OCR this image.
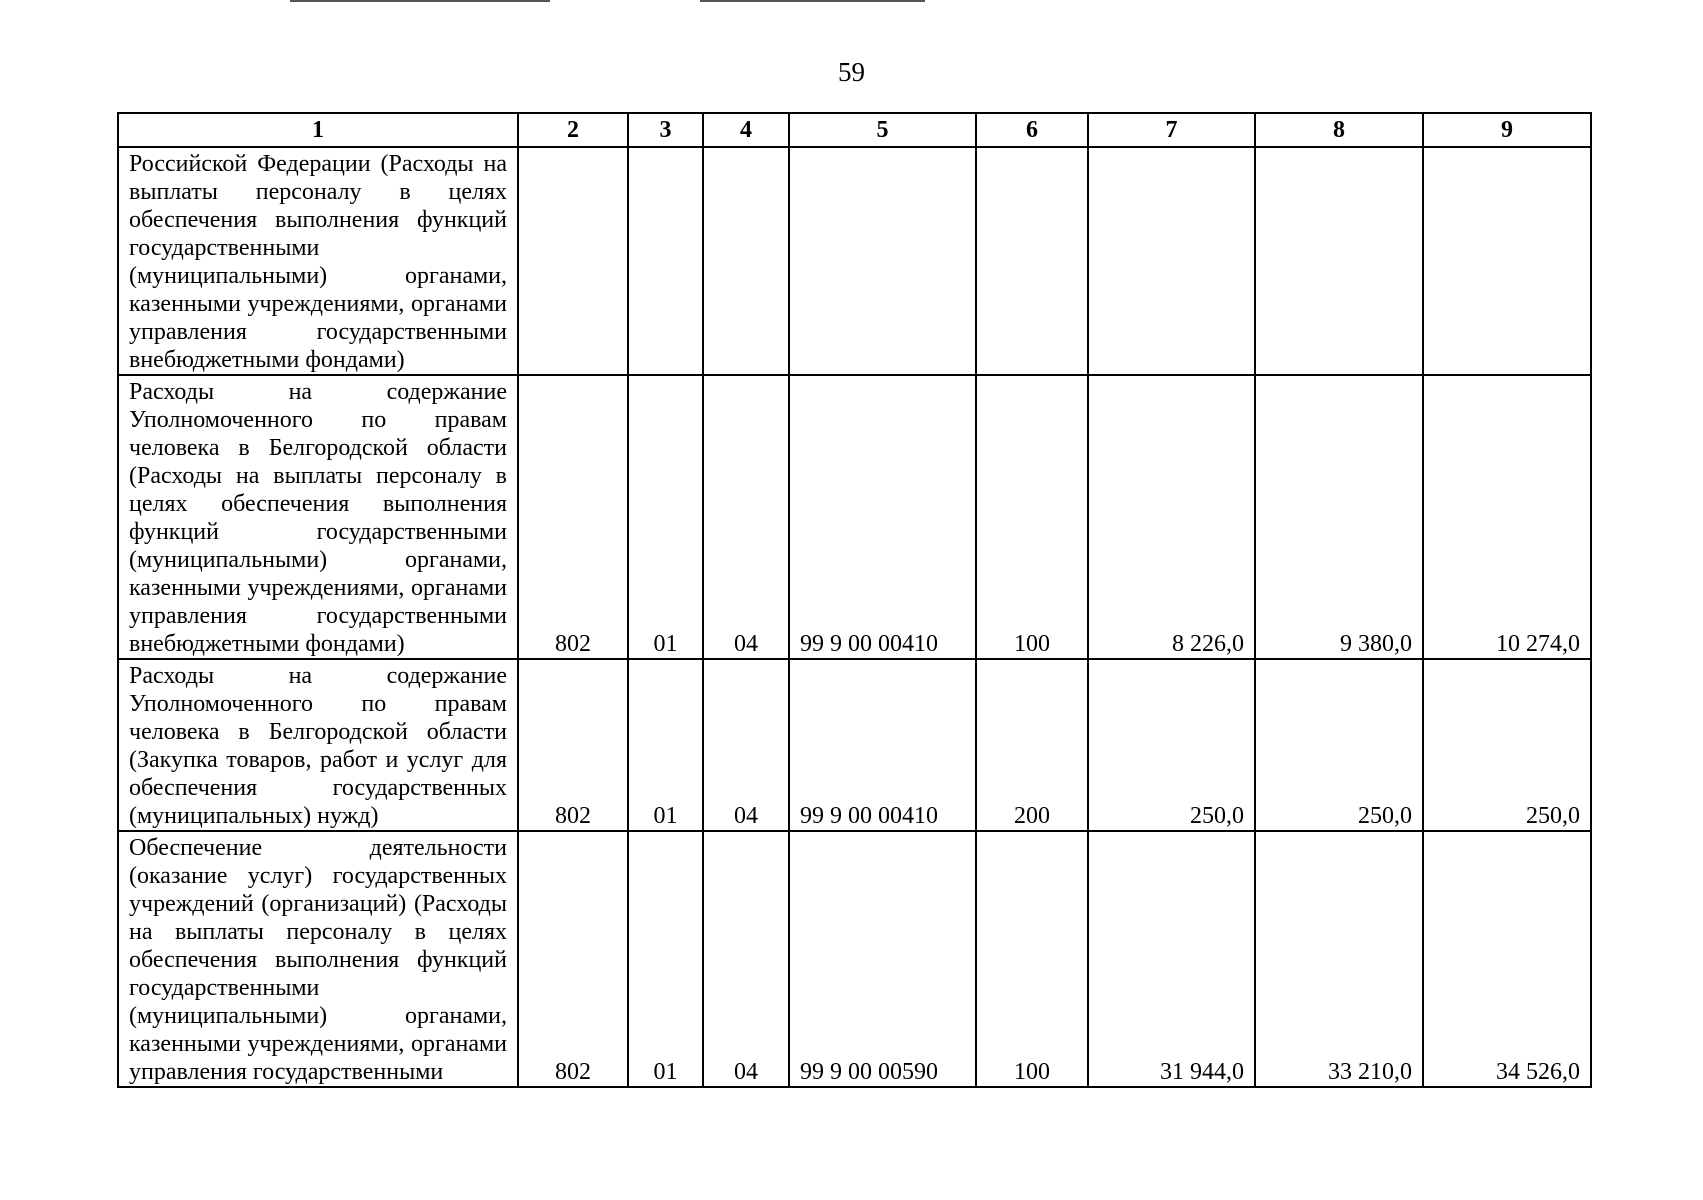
59
1	2	3	4	5	6	7	8	9
Российской Федерации (Расходы на выплаты персоналу в целях обеспечения выполнения функций государственными (муниципальными) органами, казенными учреждениями, органами управления государственными внебюджетными фондами)								
Расходы на содержание Уполномоченного по правам человека в Белгородской области (Расходы на выплаты персоналу в целях обеспечения выполнения функций государственными (муниципальными) органами, казенными учреждениями, органами управления государственными внебюджетными фондами)	802	01	04	99 9 00 00410	100	8 226,0	9 380,0	10 274,0
Расходы на содержание Уполномоченного по правам человека в Белгородской области (Закупка товаров, работ и услуг для обеспечения государственных (муниципальных) нужд)	802	01	04	99 9 00 00410	200	250,0	250,0	250,0
Обеспечение деятельности (оказание услуг) государственных учреждений (организаций) (Расходы на выплаты персоналу в целях обеспечения выполнения функций государственными (муниципальными) органами, казенными учреждениями, органами управления государственными	802	01	04	99 9 00 00590	100	31 944,0	33 210,0	34 526,0
